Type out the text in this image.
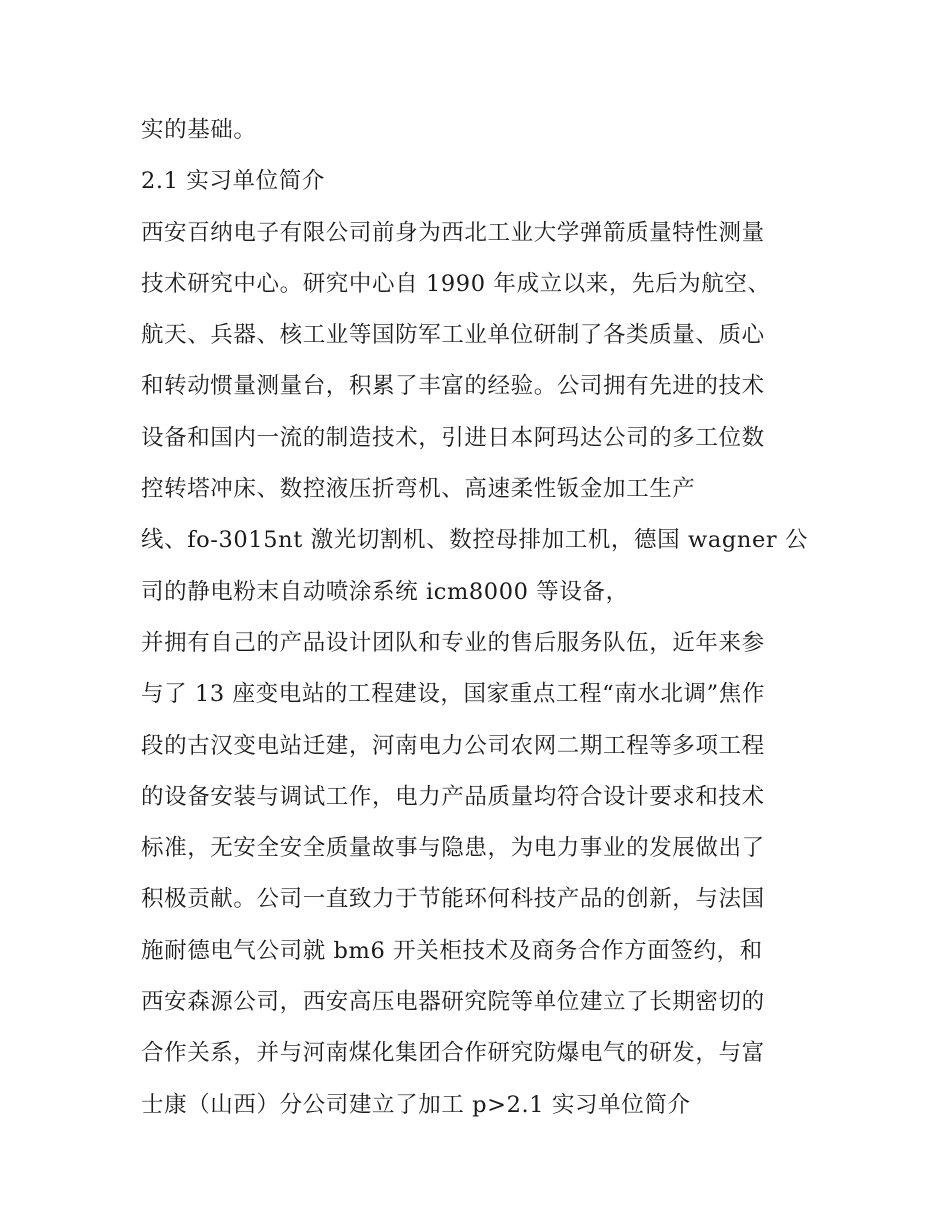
实的基础。
2.1 实习单位简介
西安百纳电子有限公司前身为西北工业大学弹箭质量特性测量
技术研究中心。研究中心自 1990 年成立以来，先后为航空、
航天、兵器、核工业等国防军工业单位研制了各类质量、质心
和转动惯量测量台，积累了丰富的经验。公司拥有先进的技术
设备和国内一流的制造技术，引进日本阿玛达公司的多工位数
控转塔冲床、数控液压折弯机、高速柔性钣金加工生产
线、fo-3015nt 激光切割机、数控母排加工机，德国 wagner 公
司的静电粉末自动喷涂系统 icm8000 等设备，
并拥有自己的产品设计团队和专业的售后服务队伍，近年来参
与了 13 座变电站的工程建设，国家重点工程“南水北调”焦作
段的古汉变电站迁建，河南电力公司农网二期工程等多项工程
的设备安装与调试工作，电力产品质量均符合设计要求和技术
标准，无安全安全质量故事与隐患，为电力事业的发展做出了
积极贡献。公司一直致力于节能环何科技产品的创新，与法国
施耐德电气公司就 bm6 开关柜技术及商务合作方面签约，和
西安森源公司，西安高压电器研究院等单位建立了长期密切的
合作关系，并与河南煤化集团合作研究防爆电气的研发，与富
士康（山西）分公司建立了加工 p>2.1 实习单位简介
